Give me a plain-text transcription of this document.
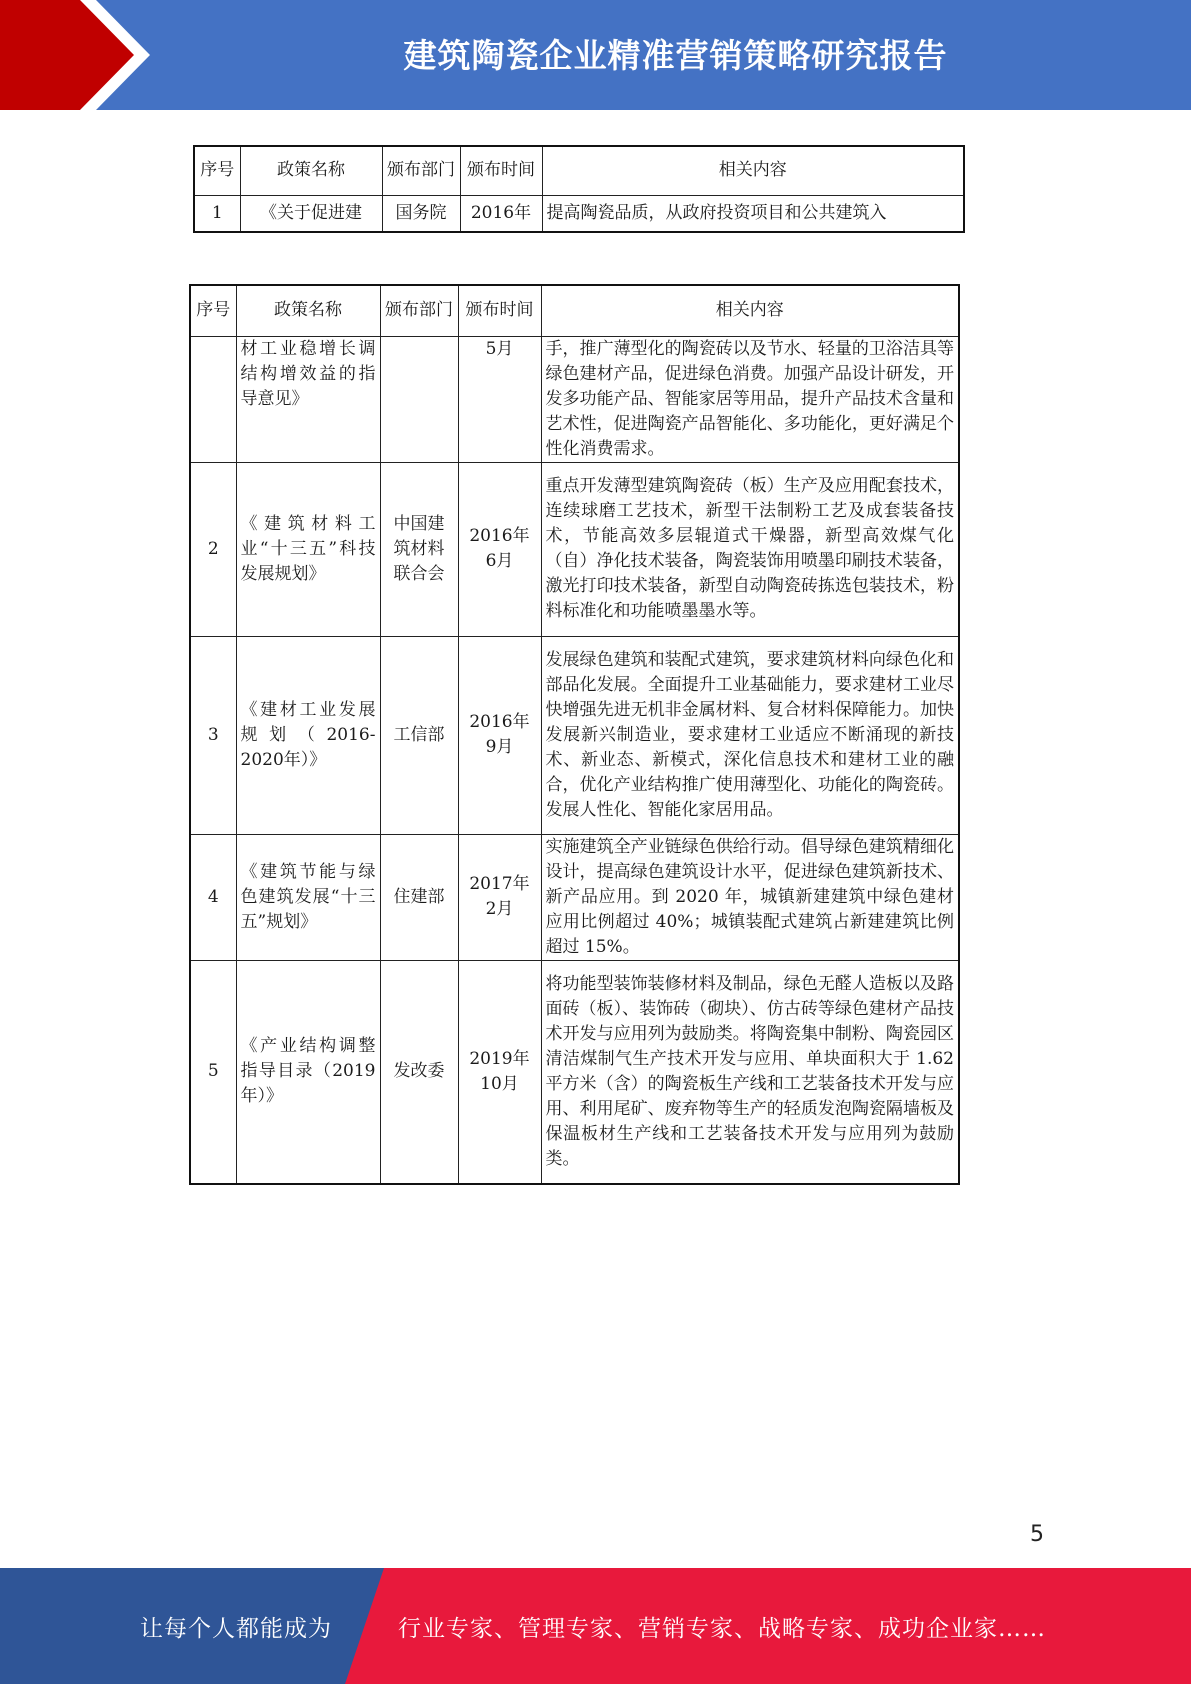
建筑陶瓷企业精准营销策略研究报告
序号	政策名称	颁布部门	颁布时间	相关内容
1	《关于促进建	国务院	2016年	提高陶瓷品质，从政府投资项目和公共建筑入
序号	政策名称	颁布部门	颁布时间	相关内容
	材工业稳增长调结构增效益的指导意见》		5月	手，推广薄型化的陶瓷砖以及节水、轻量的卫浴洁具等绿色建材产品，促进绿色消费。加强产品设计研发，开发多功能产品、智能家居等用品，提升产品技术含量和艺术性，促进陶瓷产品智能化、多功能化，更好满足个性化消费需求。
2	《建筑材料工业“十三五”科技发展规划》	中国建筑材料联合会	2016年6月	重点开发薄型建筑陶瓷砖（板）生产及应用配套技术，连续球磨工艺技术，新型干法制粉工艺及成套装备技术，节能高效多层辊道式干燥器，新型高效煤气化（自）净化技术装备，陶瓷装饰用喷墨印刷技术装备，激光打印技术装备，新型自动陶瓷砖拣选包装技术，粉料标准化和功能喷墨墨水等。
3	《建材工业发展规划（2016-2020年）》	工信部	2016年9月	发展绿色建筑和装配式建筑，要求建筑材料向绿色化和部品化发展。全面提升工业基础能力，要求建材工业尽快增强先进无机非金属材料、复合材料保障能力。加快发展新兴制造业，要求建材工业适应不断涌现的新技术、新业态、新模式，深化信息技术和建材工业的融合，优化产业结构推广使用薄型化、功能化的陶瓷砖。发展人性化、智能化家居用品。
4	《建筑节能与绿色建筑发展“十三五”规划》	住建部	2017年2月	实施建筑全产业链绿色供给行动。倡导绿色建筑精细化设计，提高绿色建筑设计水平，促进绿色建筑新技术、新产品应用。到 2020 年，城镇新建建筑中绿色建材应用比例超过 40%；城镇装配式建筑占新建建筑比例超过 15%。
5	《产业结构调整指导目录（2019年）》	发改委	2019年10月	将功能型装饰装修材料及制品，绿色无醛人造板以及路面砖（板）、装饰砖（砌块）、仿古砖等绿色建材产品技术开发与应用列为鼓励类。将陶瓷集中制粉、陶瓷园区清洁煤制气生产技术开发与应用、单块面积大于 1.62 平方米（含）的陶瓷板生产线和工艺装备技术开发与应用、利用尾矿、废弃物等生产的轻质发泡陶瓷隔墙板及保温板材生产线和工艺装备技术开发与应用列为鼓励类。
5
让每个人都能成为	行业专家、管理专家、营销专家、战略专家、成功企业家……
